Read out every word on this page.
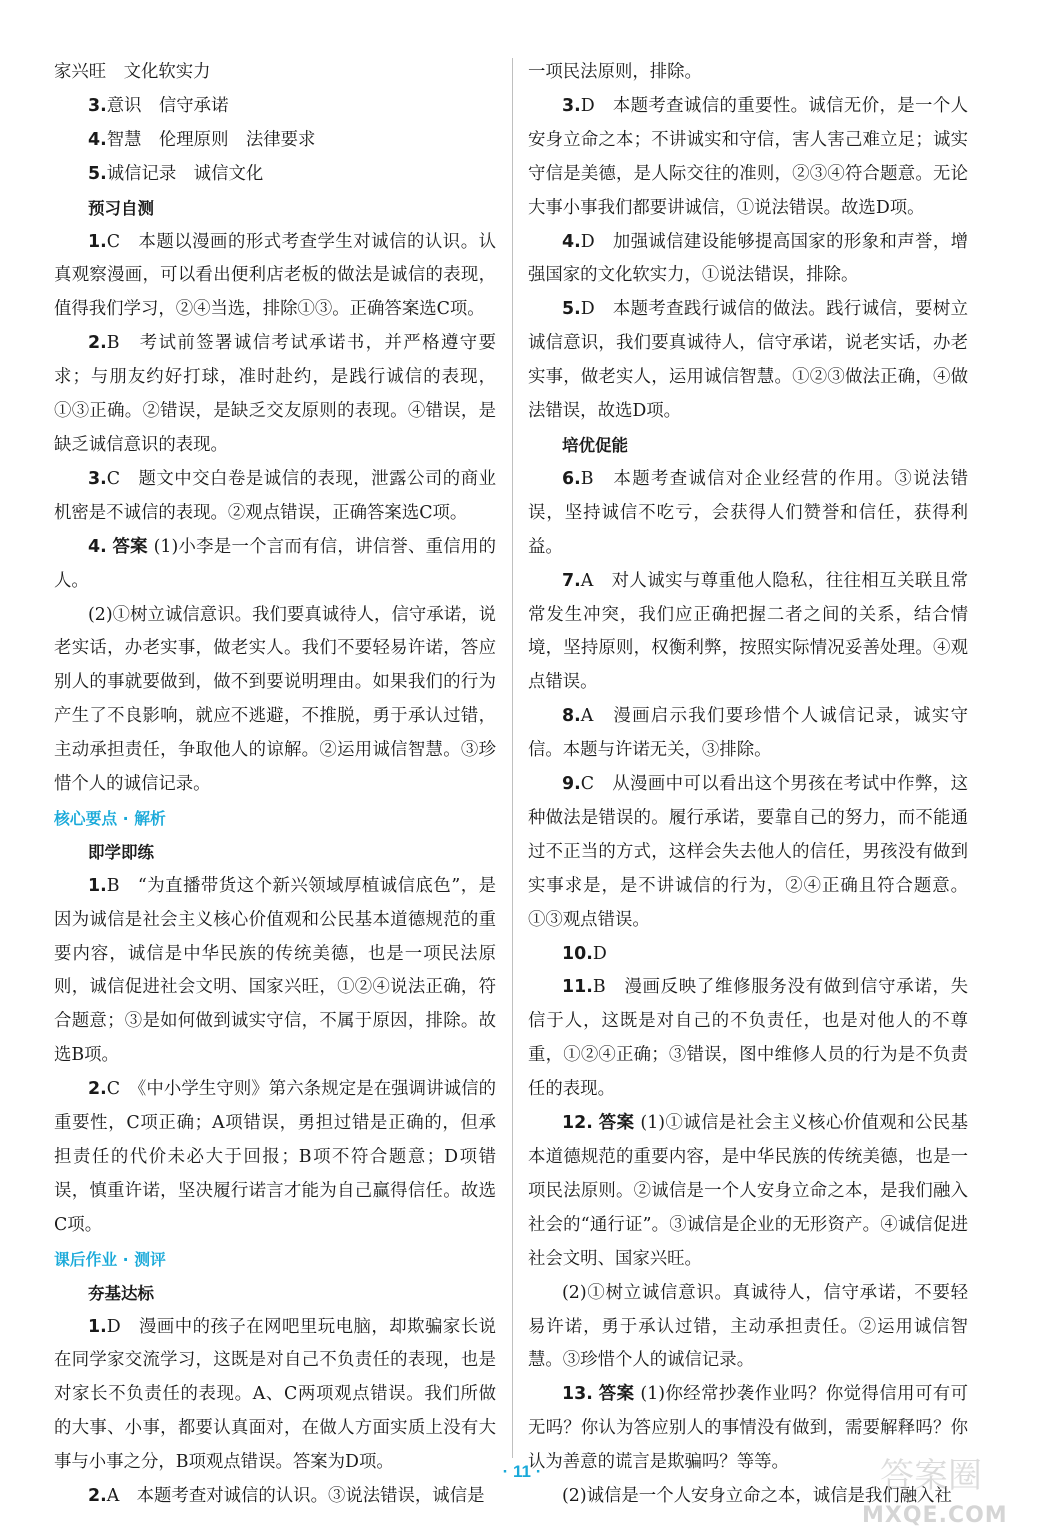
家兴旺　文化软实力

3.意识　信守承诺

4.智慧　伦理原则　法律要求

5.诚信记录　诚信文化

预习自测

1.C　本题以漫画的形式考查学生对诚信的认识。认真观察漫画，可以看出便利店老板的做法是诚信的表现，值得我们学习，②④当选，排除①③。正确答案选C项。

2.B　考试前签署诚信考试承诺书，并严格遵守要求；与朋友约好打球，准时赴约，是践行诚信的表现，①③正确。②错误，是缺乏交友原则的表现。④错误，是缺乏诚信意识的表现。

3.C　题文中交白卷是诚信的表现，泄露公司的商业机密是不诚信的表现。②观点错误，正确答案选C项。

4. 答案 (1)小李是一个言而有信，讲信誉、重信用的人。

(2)①树立诚信意识。我们要真诚待人，信守承诺，说老实话，办老实事，做老实人。我们不要轻易许诺，答应别人的事就要做到，做不到要说明理由。如果我们的行为产生了不良影响，就应不逃避，不推脱，勇于承认过错，主动承担责任，争取他人的谅解。②运用诚信智慧。③珍惜个人的诚信记录。

核心要点 · 解析

即学即练

1.B　“为直播带货这个新兴领域厚植诚信底色”，是因为诚信是社会主义核心价值观和公民基本道德规范的重要内容，诚信是中华民族的传统美德，也是一项民法原则，诚信促进社会文明、国家兴旺，①②④说法正确，符合题意；③是如何做到诚实守信，不属于原因，排除。故选B项。

2.C　《中小学生守则》第六条规定是在强调讲诚信的重要性，C项正确；A项错误，勇担过错是正确的，但承担责任的代价未必大于回报；B项不符合题意；D项错误，慎重许诺，坚决履行诺言才能为自己赢得信任。故选C项。

课后作业 · 测评

夯基达标

1.D　漫画中的孩子在网吧里玩电脑，却欺骗家长说在同学家交流学习，这既是对自己不负责任的表现，也是对家长不负责任的表现。A、C两项观点错误。我们所做的大事、小事，都要认真面对，在做人方面实质上没有大事与小事之分，B项观点错误。答案为D项。

2.A　本题考查对诚信的认识。③说法错误，诚信是

一项民法原则，排除。

3.D　本题考查诚信的重要性。诚信无价，是一个人安身立命之本；不讲诚实和守信，害人害己难立足；诚实守信是美德，是人际交往的准则，②③④符合题意。无论大事小事我们都要讲诚信，①说法错误。故选D项。

4.D　加强诚信建设能够提高国家的形象和声誉，增强国家的文化软实力，①说法错误，排除。

5.D　本题考查践行诚信的做法。践行诚信，要树立诚信意识，我们要真诚待人，信守承诺，说老实话，办老实事，做老实人，运用诚信智慧。①②③做法正确，④做法错误，故选D项。

培优促能

6.B　本题考查诚信对企业经营的作用。③说法错误，坚持诚信不吃亏，会获得人们赞誉和信任，获得利益。

7.A　对人诚实与尊重他人隐私，往往相互关联且常常发生冲突，我们应正确把握二者之间的关系，结合情境，坚持原则，权衡利弊，按照实际情况妥善处理。④观点错误。

8.A　漫画启示我们要珍惜个人诚信记录，诚实守信。本题与许诺无关，③排除。

9.C　从漫画中可以看出这个男孩在考试中作弊，这种做法是错误的。履行承诺，要靠自己的努力，而不能通过不正当的方式，这样会失去他人的信任，男孩没有做到实事求是，是不讲诚信的行为，②④正确且符合题意。①③观点错误。

10.D

11.B　漫画反映了维修服务没有做到信守承诺，失信于人，这既是对自己的不负责任，也是对他人的不尊重，①②④正确；③错误，图中维修人员的行为是不负责任的表现。

12. 答案 (1)①诚信是社会主义核心价值观和公民基本道德规范的重要内容，是中华民族的传统美德，也是一项民法原则。②诚信是一个人安身立命之本，是我们融入社会的“通行证”。③诚信是企业的无形资产。④诚信促进社会文明、国家兴旺。

(2)①树立诚信意识。真诚待人，信守承诺，不要轻易许诺，勇于承认过错，主动承担责任。②运用诚信智慧。③珍惜个人的诚信记录。

13. 答案 (1)你经常抄袭作业吗？你觉得信用可有可无吗？你认为答应别人的事情没有做到，需要解释吗？你认为善意的谎言是欺骗吗？等等。

(2)诚信是一个人安身立命之本，诚信是我们融入社

· 11 ·	答案圈
MXQE.COM
